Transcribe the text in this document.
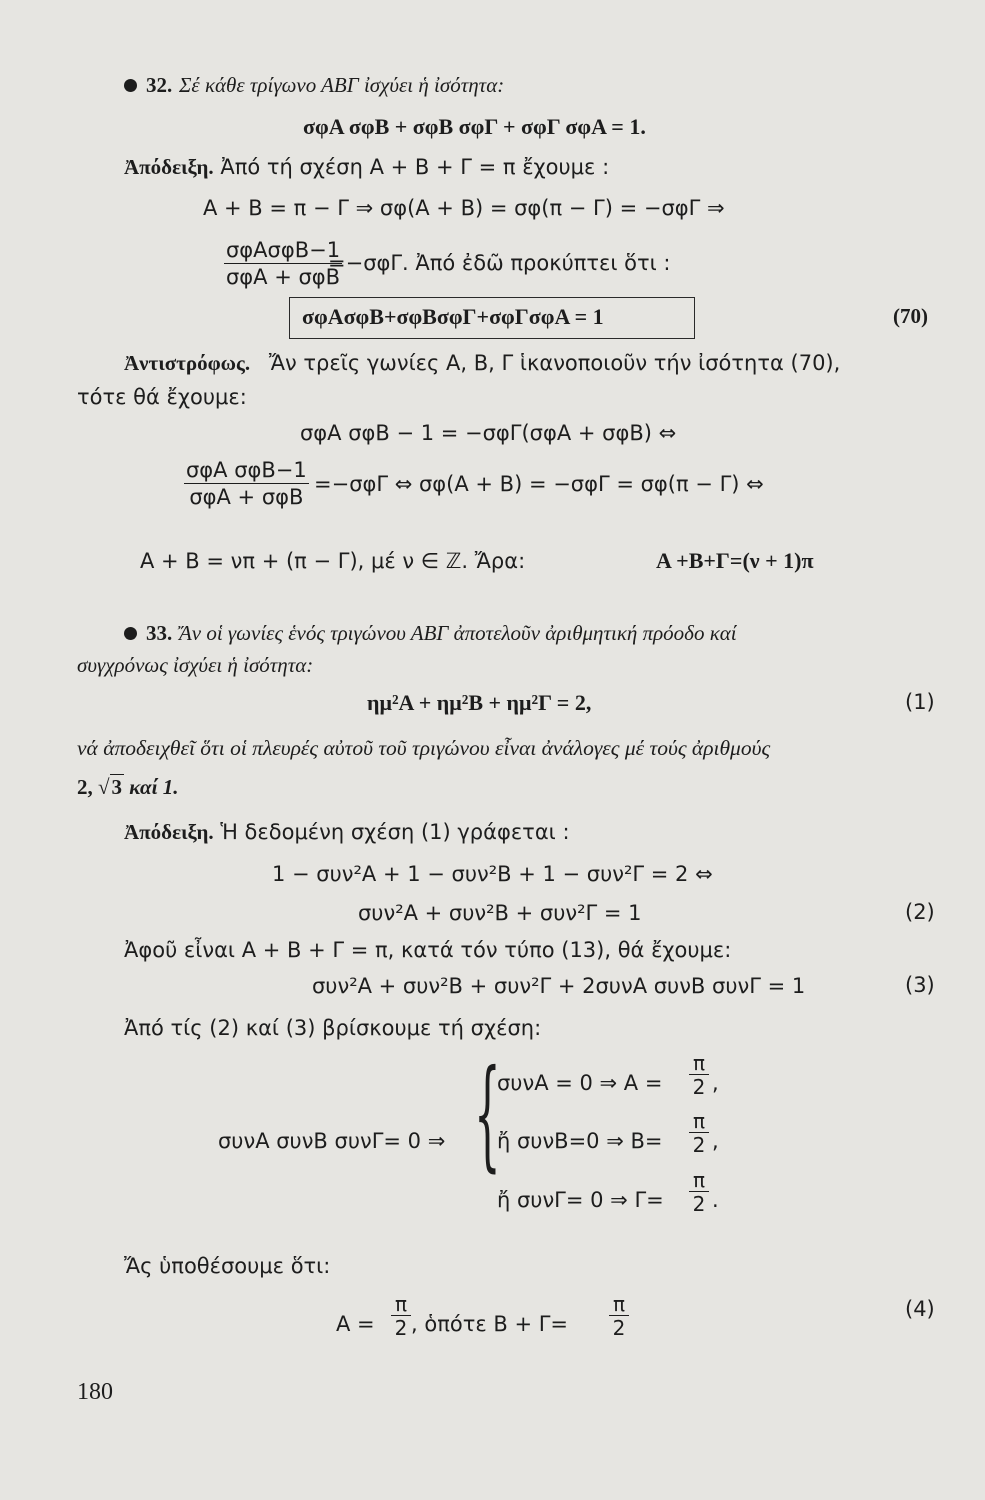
32. Σέ κάθε τρίγωνο ΑΒΓ ἰσχύει ἡ ἰσότητα:
σφΑ σφΒ + σφΒ σφΓ + σφΓ σφΑ = 1.
Ἀπόδειξη. Ἀπό τή σχέση Α + Β + Γ = π ἔχουμε :
Α + Β = π − Γ ⇒ σφ(Α + Β) = σφ(π − Γ) = −σφΓ ⇒
σφΑσφΒ−1
σφΑ + σφΒ
=−σφΓ. Ἀπό ἐδῶ προκύπτει ὅτι :
σφΑσφΒ+σφΒσφΓ+σφΓσφΑ = 1	(70)
Ἀντιστρόφως. Ἄν τρεῖς γωνίες Α, Β, Γ ἱκανοποιοῦν τήν ἰσότητα (70),
τότε θά ἔχουμε:
σφΑ σφΒ − 1 = −σφΓ(σφΑ + σφΒ) ⇔
σφΑ σφΒ−1
σφΑ + σφΒ
=−σφΓ ⇔ σφ(Α + Β) = −σφΓ = σφ(π − Γ) ⇔
Α + Β = νπ + (π − Γ), μέ ν ∈ ℤ. Ἄρα:	Α +Β+Γ=(ν + 1)π
33. Ἄν οἱ γωνίες ἑνός τριγώνου ΑΒΓ ἀποτελοῦν ἀριθμητική πρόοδο καί
συγχρόνως ἰσχύει ἡ ἰσότητα:
ημ²Α + ημ²Β + ημ²Γ = 2,	(1)
νά ἀποδειχθεῖ ὅτι οἱ πλευρές αὐτοῦ τοῦ τριγώνου εἶναι ἀνάλογες μέ τούς ἀριθμούς
2, √3 καί 1.
Ἀπόδειξη. Ἡ δεδομένη σχέση (1) γράφεται :
1 − συν²Α + 1 − συν²Β + 1 − συν²Γ = 2 ⇔
συν²Α + συν²Β + συν²Γ = 1	(2)
Ἀφοῦ εἶναι Α + Β + Γ = π, κατά τόν τύπο (13), θά ἔχουμε:
συν²Α + συν²Β + συν²Γ + 2συνΑ συνΒ συνΓ = 1	(3)
Ἀπό τίς (2) καί (3) βρίσκουμε τή σχέση:
συνΑ συνΒ συνΓ= 0 ⇒ {
συνΑ = 0 ⇒ $A = \frac{\pi}{2}$ ,
ἤ συνΒ=0 ⇒ $B= \frac{\pi}{2}$ ,
ἤ συνΓ= 0 ⇒ $\Gamma= \frac{\pi}{2}$ .
Ἄς ὑποθέσουμε ὅτι:
$A = \frac{\pi}{2}$ , ὁπότε $B + \Gamma= \frac{\pi}{2}$	(4)
180
